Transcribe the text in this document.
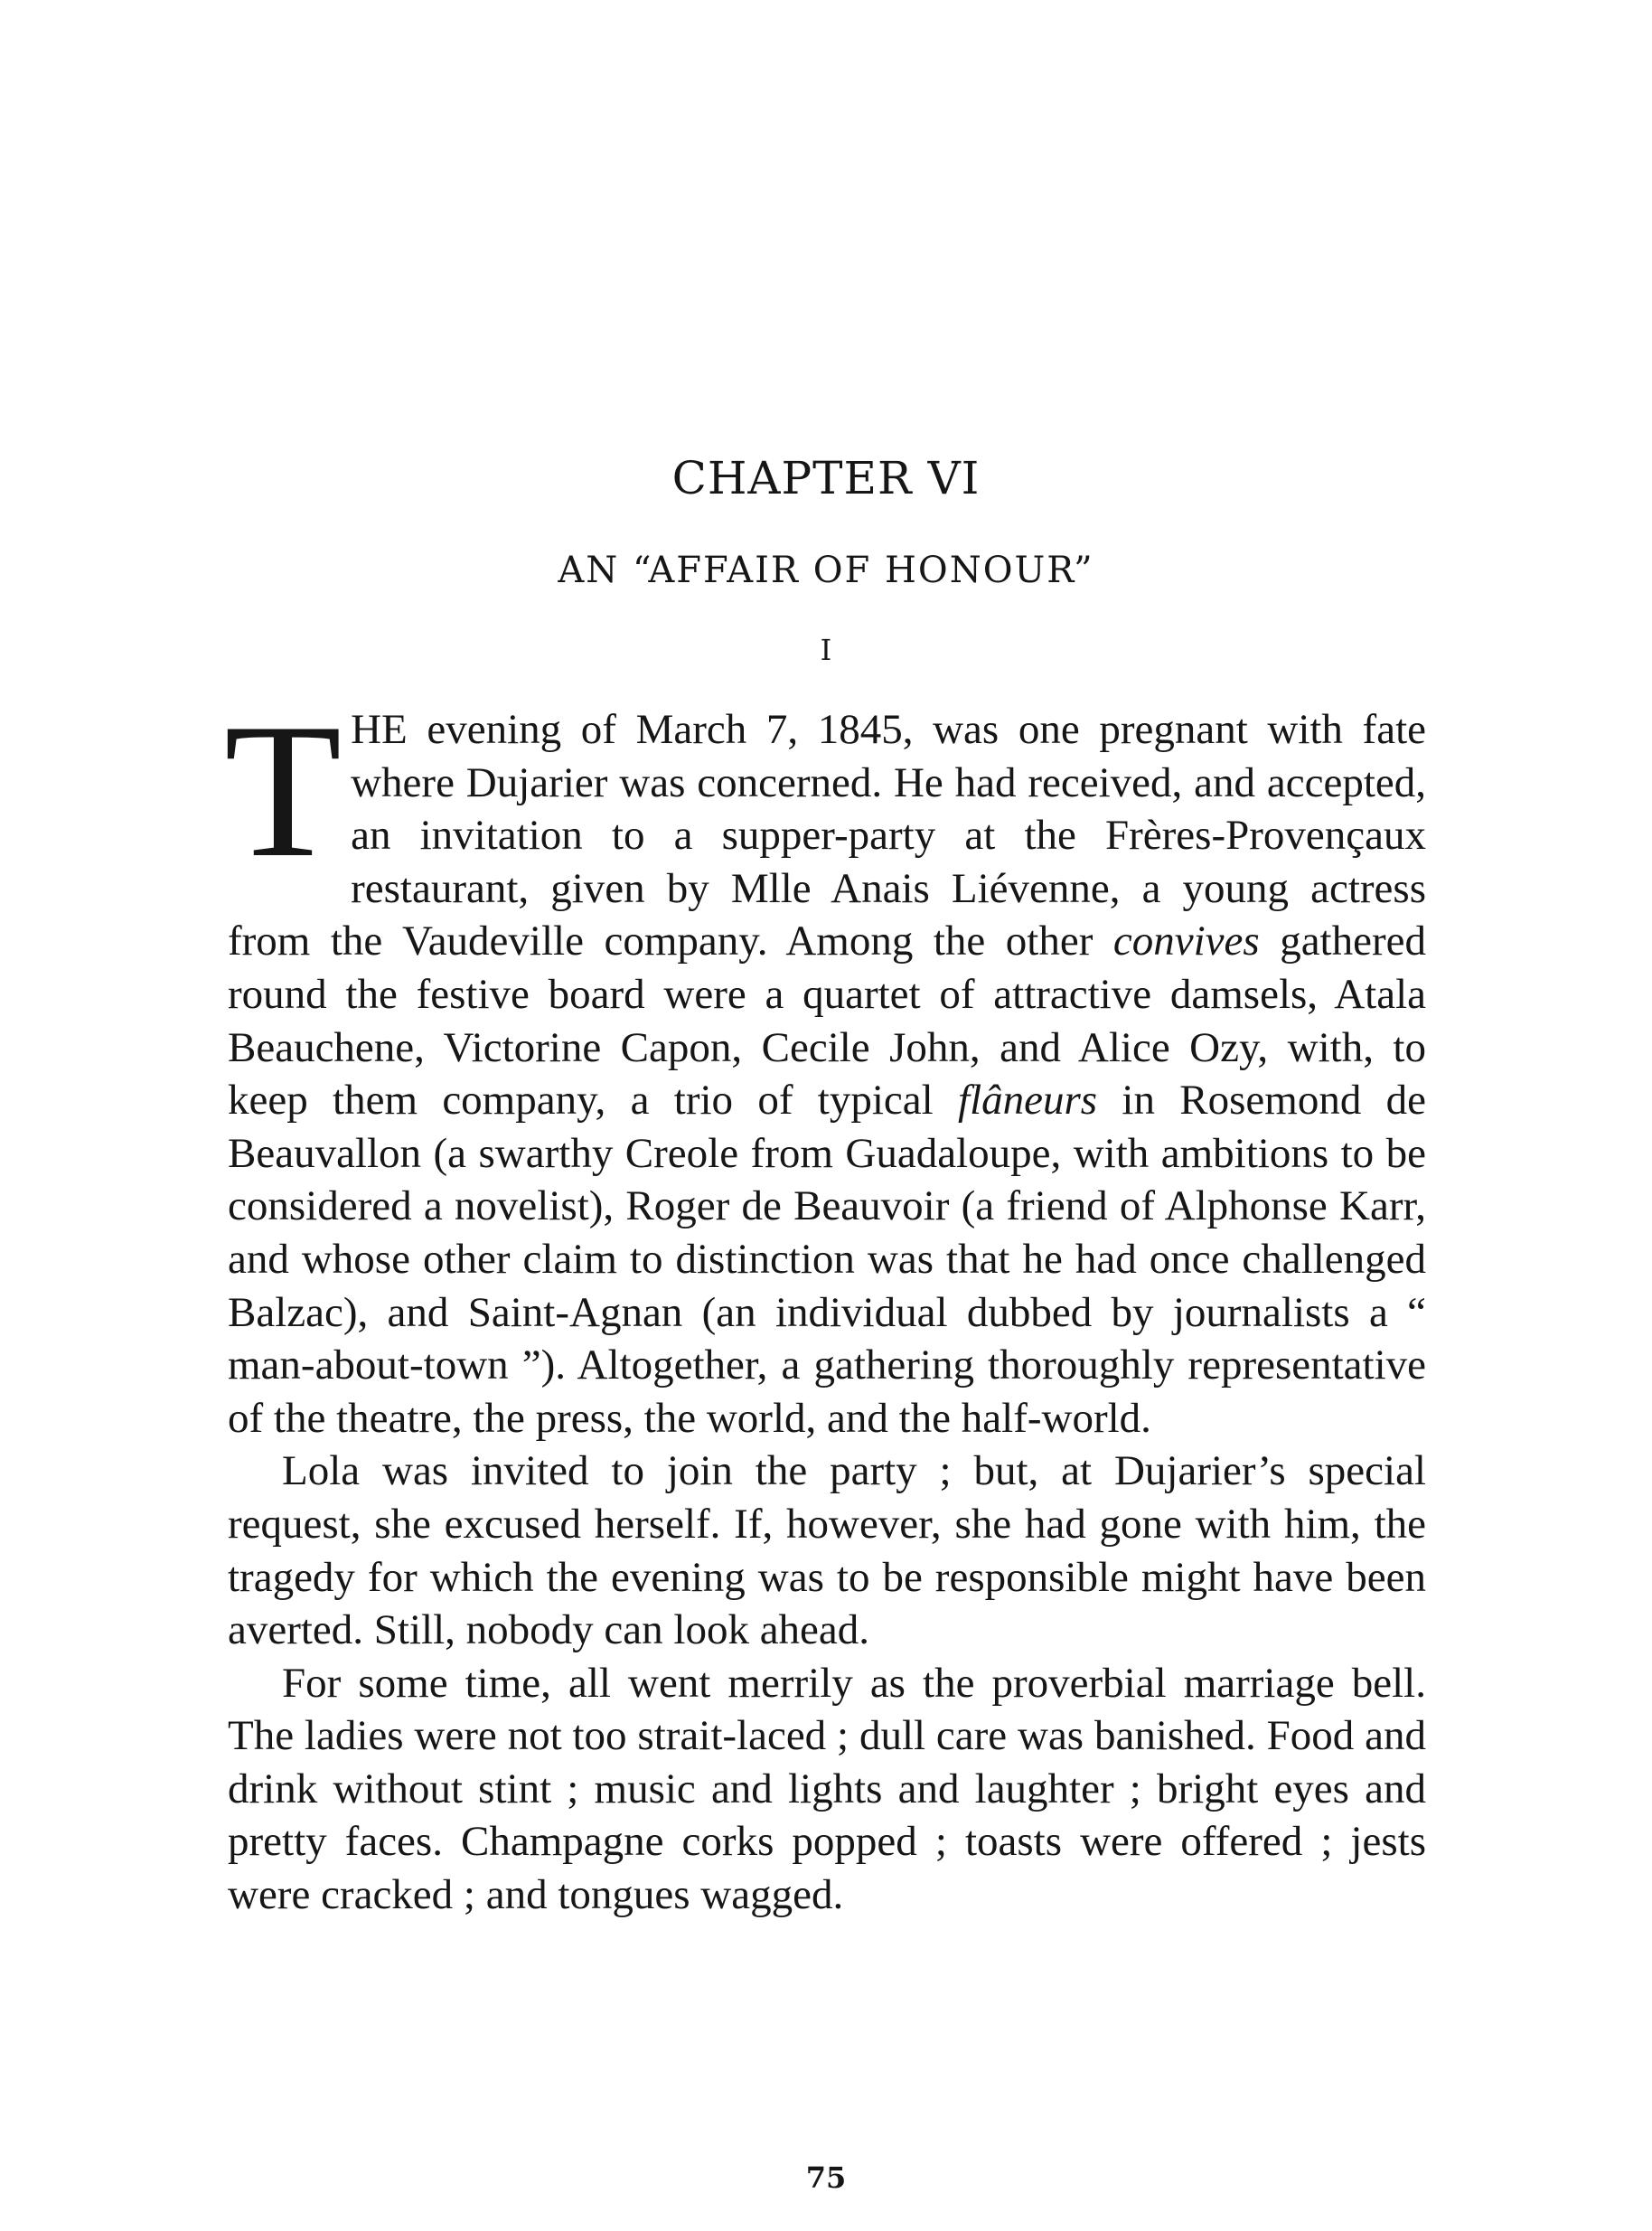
CHAPTER VI
AN “AFFAIR OF HONOUR”
I

THE evening of March 7, 1845, was one pregnant with fate where Dujarier was concerned. He had received, and accepted, an invitation to a supper-party at the Frères-Provençaux restaurant, given by Mlle Anais Liévenne, a young actress from the Vaudeville company. Among the other convives gathered round the festive board were a quartet of attractive damsels, Atala Beauchene, Victorine Capon, Cecile John, and Alice Ozy, with, to keep them company, a trio of typical flâneurs in Rosemond de Beauvallon (a swarthy Creole from Guadaloupe, with ambitions to be considered a novelist), Roger de Beauvoir (a friend of Alphonse Karr, and whose other claim to distinction was that he had once challenged Balzac), and Saint-Agnan (an individual dubbed by journalists a “ man-about-town ”). Altogether, a gathering thoroughly representative of the theatre, the press, the world, and the half-world.

Lola was invited to join the party ; but, at Dujarier’s special request, she excused herself. If, however, she had gone with him, the tragedy for which the evening was to be responsible might have been averted. Still, nobody can look ahead.

For some time, all went merrily as the proverbial marriage bell. The ladies were not too strait-laced ; dull care was banished. Food and drink without stint ; music and lights and laughter ; bright eyes and pretty faces. Champagne corks popped ; toasts were offered ; jests were cracked ; and tongues wagged.

75
